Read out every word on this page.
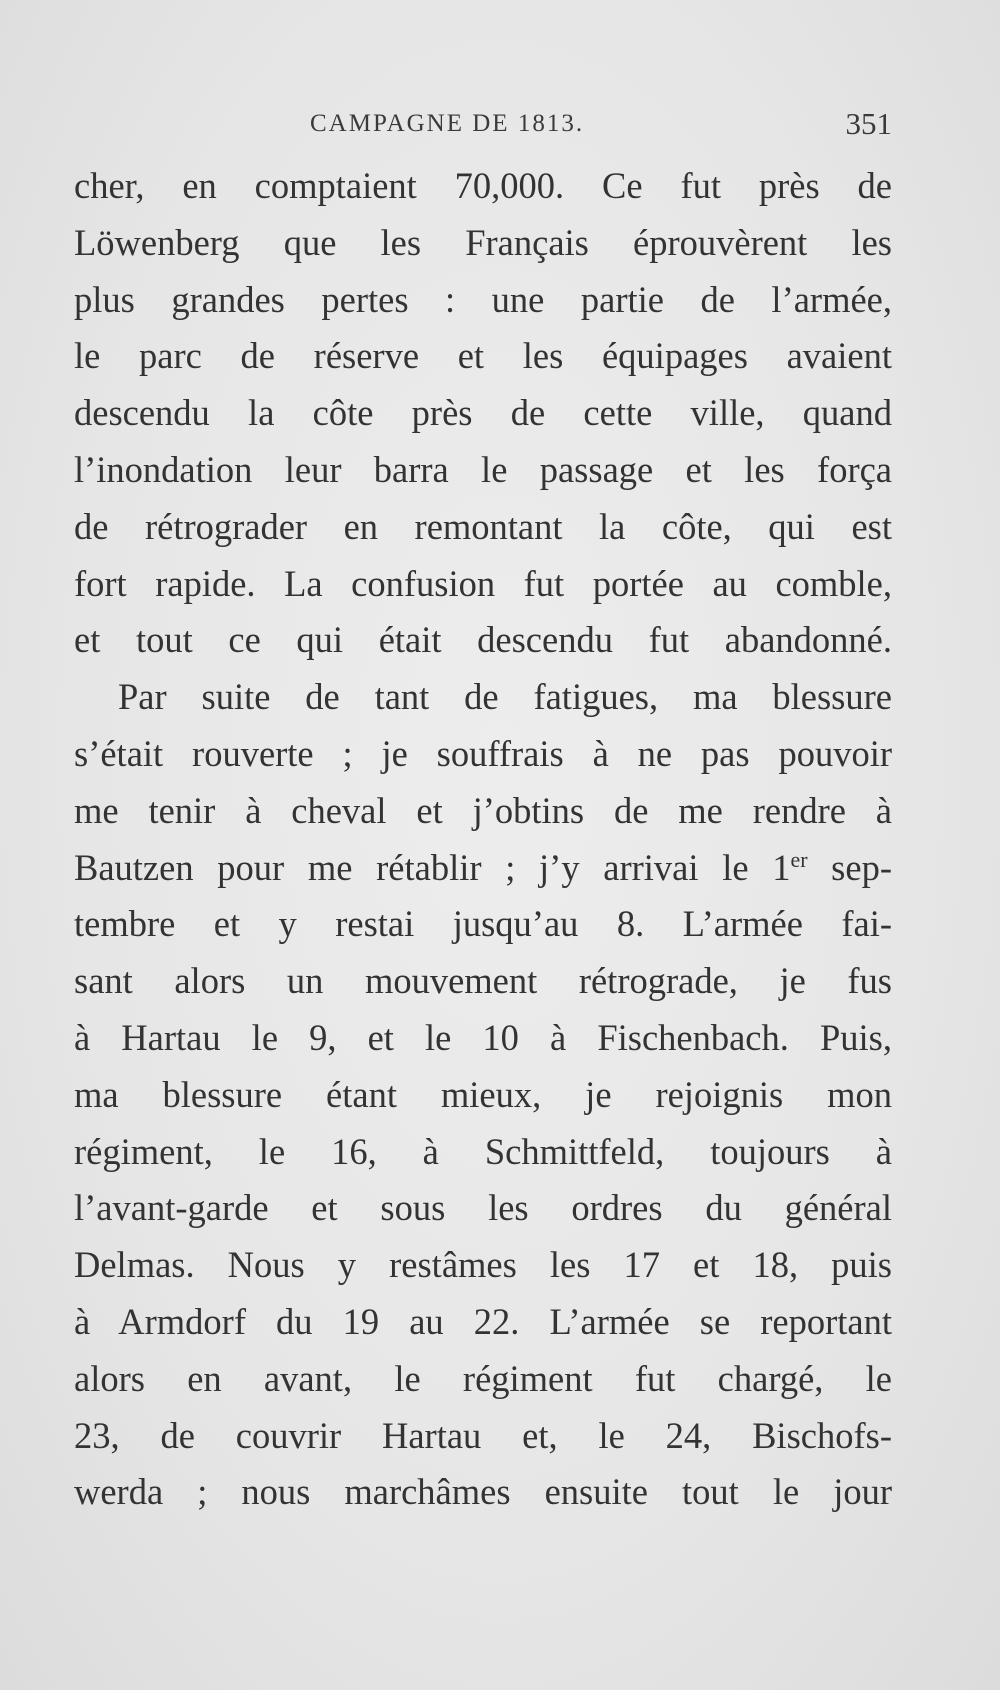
CAMPAGNE DE 1813.	351
cher, en comptaient 70,000. Ce fut près de
Löwenberg que les Français éprouvèrent les
plus grandes pertes : une partie de l’armée,
le parc de réserve et les équipages avaient
descendu la côte près de cette ville, quand
l’inondation leur barra le passage et les força
de rétrograder en remontant la côte, qui est
fort rapide. La confusion fut portée au comble,
et tout ce qui était descendu fut abandonné.
Par suite de tant de fatigues, ma blessure
s’était rouverte ; je souffrais à ne pas pouvoir
me tenir à cheval et j’obtins de me rendre à
Bautzen pour me rétablir ; j’y arrivai le 1er sep-
tembre et y restai jusqu’au 8. L’armée fai-
sant alors un mouvement rétrograde, je fus
à Hartau le 9, et le 10 à Fischenbach. Puis,
ma blessure étant mieux, je rejoignis mon
régiment, le 16, à Schmittfeld, toujours à
l’avant-garde et sous les ordres du général
Delmas. Nous y restâmes les 17 et 18, puis
à Armdorf du 19 au 22. L’armée se reportant
alors en avant, le régiment fut chargé, le
23, de couvrir Hartau et, le 24, Bischofs-
werda ; nous marchâmes ensuite tout le jour
